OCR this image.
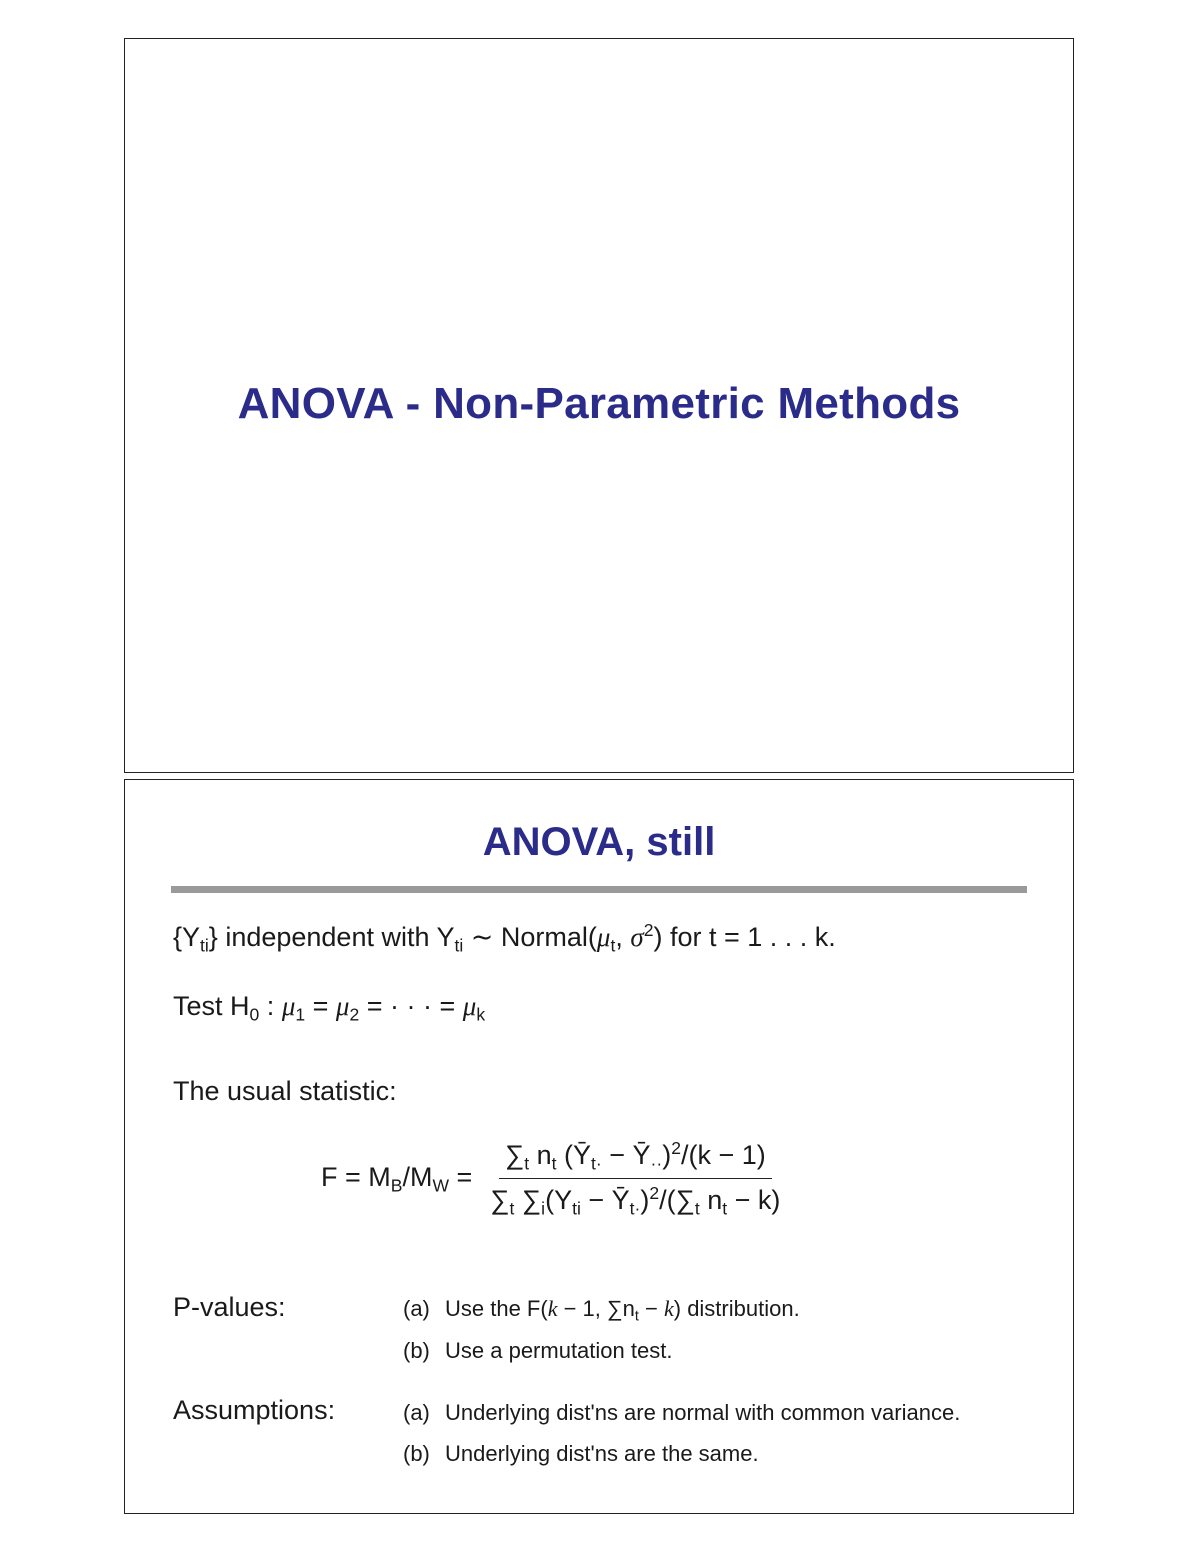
ANOVA - Non-Parametric Methods
ANOVA, still
$\{Y_{ti}\}$ independent with $Y_{ti}$ ∼ $Normal(\mu_t$, $\sigma^2$) for t = 1 . . . k.
Test $H_0$ : $\mu_1 = \mu_2$ = · · · = $\mu_k$
The usual statistic:
$F = M_B/M_W = \frac{\sum_t n_t (Ȳ_{t\cdot} - Ȳ_{\cdot\cdot})^2/(k - 1)}{\sum_t \sum_i(Y_{ti} - Ȳ_{t\cdot})^2/(\sum_t n_t - k)}$
P-values:	(a) Use the F(k − 1, $\sum n_t - k$) distribution.
(b) Use a permutation test.
Assumptions:	(a) Underlying dist'ns are normal with common variance.
(b) Underlying dist'ns are the same.
